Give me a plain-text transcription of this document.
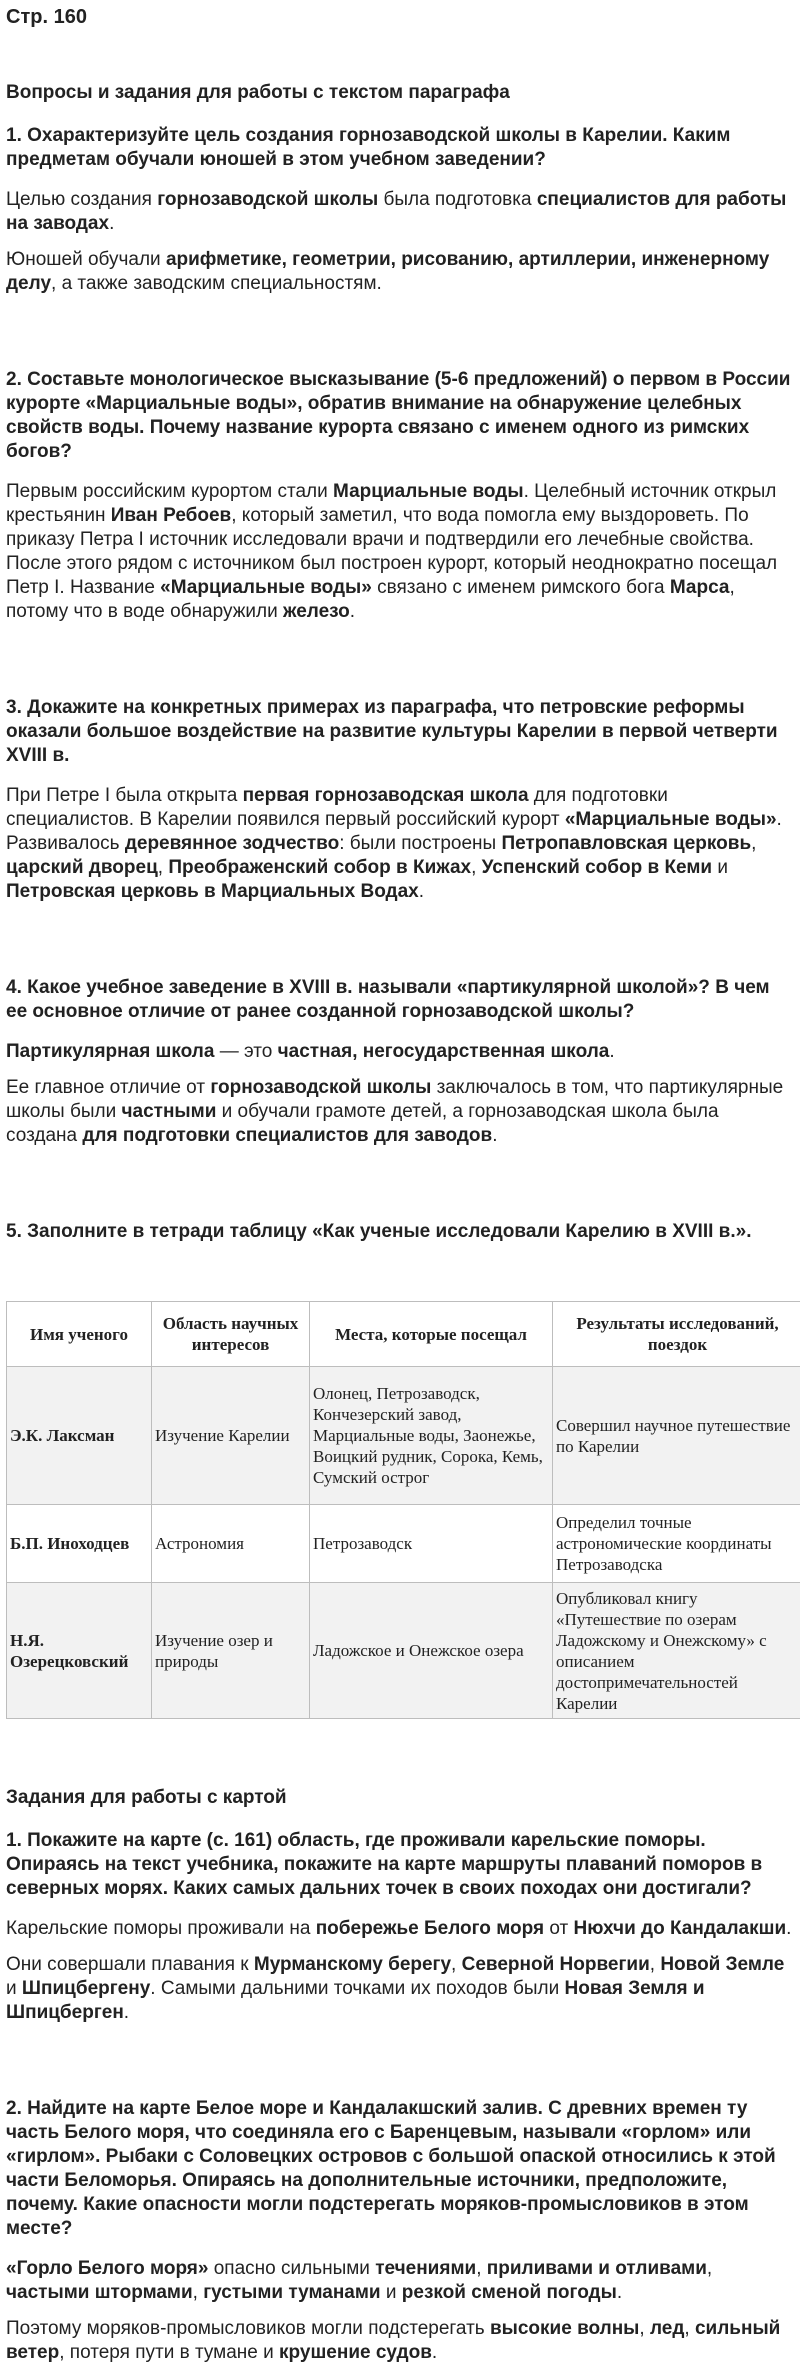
Стр. 160
Вопросы и задания для работы с текстом параграфа
1. Охарактеризуйте цель создания горнозаводской школы в Карелии. Каким предметам обучали юношей в этом учебном заведении?
Целью создания горнозаводской школы была подготовка специалистов для работы на заводах.
Юношей обучали арифметике, геометрии, рисованию, артиллерии, инженерному делу, а также заводским специальностям.
2. Составьте монологическое высказывание (5-6 предложений) о первом в России курорте «Марциальные воды», обратив внимание на обнаружение целебных свойств воды. Почему название курорта связано с именем одного из римских богов?
Первым российским курортом стали Марциальные воды. Целебный источник открыл крестьянин Иван Ребоев, который заметил, что вода помогла ему выздороветь. По приказу Петра I источник исследовали врачи и подтвердили его лечебные свойства. После этого рядом с источником был построен курорт, который неоднократно посещал Петр I. Название «Марциальные воды» связано с именем римского бога Марса, потому что в воде обнаружили железо.
3. Докажите на конкретных примерах из параграфа, что петровские реформы оказали большое воздействие на развитие культуры Карелии в первой четверти XVIII в.
При Петре I была открыта первая горнозаводская школа для подготовки специалистов. В Карелии появился первый российский курорт «Марциальные воды». Развивалось деревянное зодчество: были построены Петропавловская церковь, царский дворец, Преображенский собор в Кижах, Успенский собор в Кеми и Петровская церковь в Марциальных Водах.
4. Какое учебное заведение в XVIII в. называли «партикулярной школой»? В чем ее основное отличие от ранее созданной горнозаводской школы?
Партикулярная школа — это частная, негосударственная школа.
Ее главное отличие от горнозаводской школы заключалось в том, что партикулярные школы были частными и обучали грамоте детей, а горнозаводская школа была создана для подготовки специалистов для заводов.
5. Заполните в тетради таблицу «Как ученые исследовали Карелию в XVIII в.».
Имя ученого	Область научных интересов	Места, которые посещал	Результаты исследований, поездок
Э.К. Лаксман	Изучение Карелии	Олонец, Петрозаводск, Кончезерский завод, Марциальные воды, Заонежье, Воицкий рудник, Сорока, Кемь, Сумский острог	Совершил научное путешествие по Карелии
Б.П. Иноходцев	Астрономия	Петрозаводск	Определил точные астрономические координаты Петрозаводска
Н.Я. Озерецковский	Изучение озер и природы	Ладожское и Онежское озера	Опубликовал книгу «Путешествие по озерам Ладожскому и Онежскому» с описанием достопримечательностей Карелии
Задания для работы с картой
1. Покажите на карте (с. 161) область, где проживали карельские поморы. Опираясь на текст учебника, покажите на карте маршруты плаваний поморов в северных морях. Каких самых дальних точек в своих походах они достигали?
Карельские поморы проживали на побережье Белого моря от Нюхчи до Кандалакши.
Они совершали плавания к Мурманскому берегу, Северной Норвегии, Новой Земле и Шпицбергену. Самыми дальними точками их походов были Новая Земля и Шпицберген.
2. Найдите на карте Белое море и Кандалакшский залив. С древних времен ту часть Белого моря, что соединяла его с Баренцевым, называли «горлом» или «гирлом». Рыбаки с Соловецких островов с большой опаской относились к этой части Беломорья. Опираясь на дополнительные источники, предположите, почему. Какие опасности могли подстерегать моряков-промысловиков в этом месте?
«Горло Белого моря» опасно сильными течениями, приливами и отливами, частыми штормами, густыми туманами и резкой сменой погоды.
Поэтому моряков-промысловиков могли подстерегать высокие волны, лед, сильный ветер, потеря пути в тумане и крушение судов.
